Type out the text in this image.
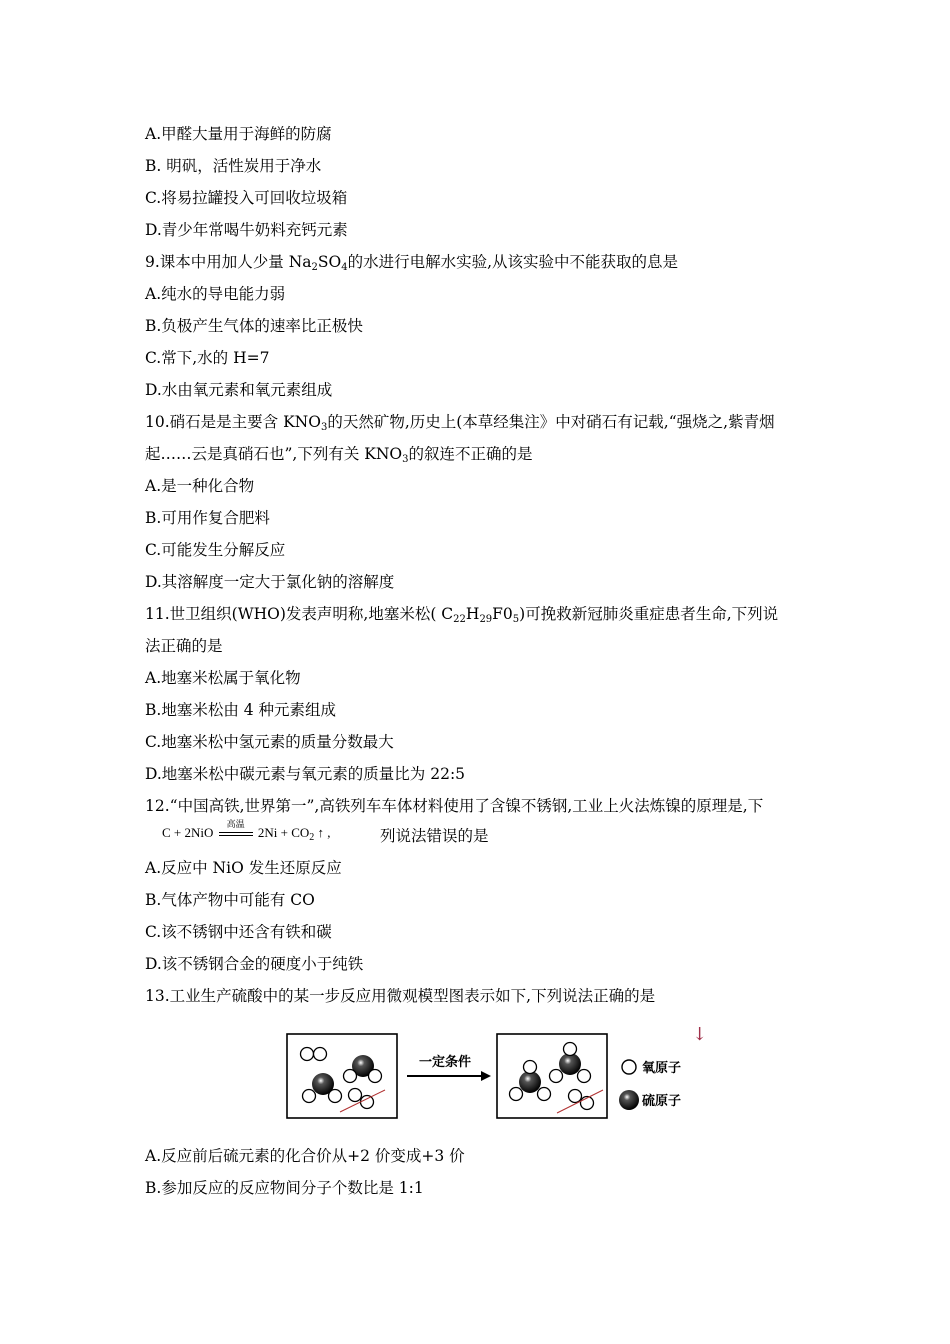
A.甲醛大量用于海鲜的防腐
B. 明矾，活性炭用于净水
C.将易拉罐投入可回收垃圾箱
D.青少年常喝牛奶料充钙元素
9.课本中用加人少量 $Na_2SO_4$的水进行电解水实验,从该实验中不能获取的息是
A.纯水的导电能力弱
B.负极产生气体的速率比正极快
C.常下,水的 H=7
D.水由氧元素和氧元素组成
10.硝石是是主要含 $KNO_3$的天然矿物,历史上(本草经集注》中对硝石有记载,“强烧之,紫青烟
起……云是真硝石也”,下列有关 $KNO_3$的叙连不正确的是
A.是一种化合物
B.可用作复合肥料
C.可能发生分解反应
D.其溶解度一定大于氯化钠的溶解度
11.世卫组织(WHO)发表声明称,地塞米松( $C_{22}H_{29}F0_5$)可挽救新冠肺炎重症患者生命,下列说
法正确的是
A.地塞米松属于氧化物
B.地塞米松由 4 种元素组成
C.地塞米松中氢元素的质量分数最大
D.地塞米松中碳元素与氧元素的质量比为 22:5
12.“中国高铁,世界第一”,高铁列车车体材料使用了含镍不锈钢,工业上火法炼镍的原理是,下
C + 2NiO
高温
$2Ni + CO_2$ ↑ ,	列说法错误的是
A.反应中 NiO 发生还原反应
B.气体产物中可能有 CO
C.该不锈钢中还含有铁和碳
D.该不锈钢合金的硬度小于纯铁
13.工业生产硫酸中的某一步反应用微观模型图表示如下,下列说法正确的是
↓
一定条件	氧原子
硫原子
A.反应前后硫元素的化合价从+2 价变成+3 价
B.参加反应的反应物间分子个数比是 1:1
